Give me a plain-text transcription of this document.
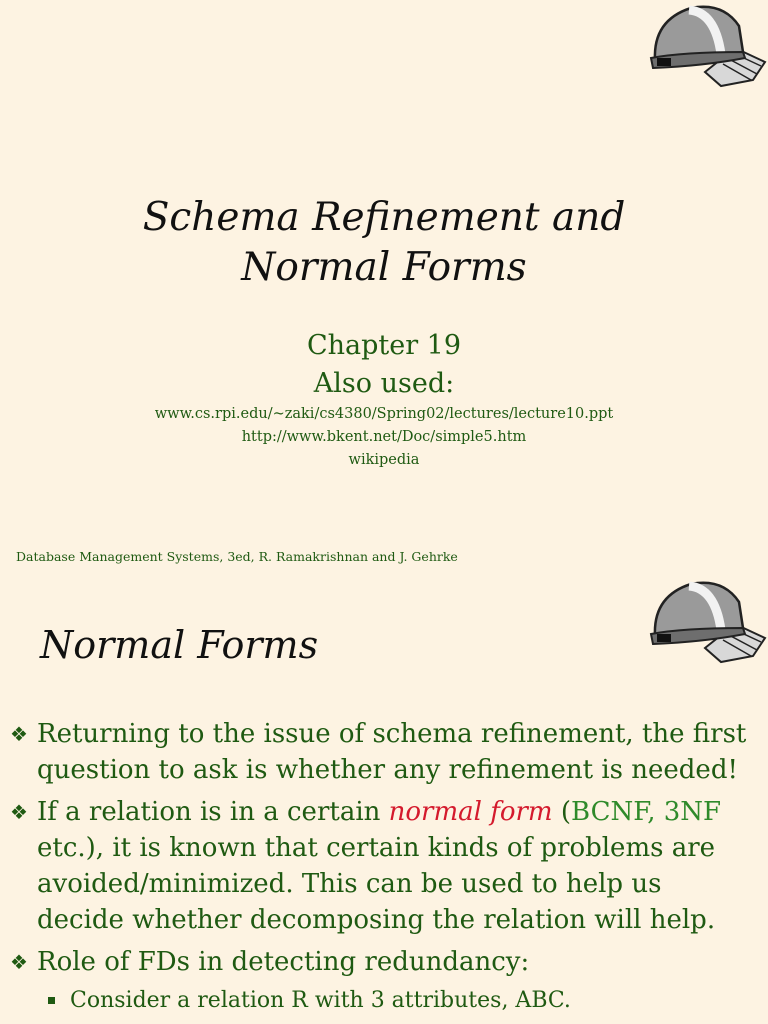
Schema Refinement and
Normal Forms
Chapter 19
Also used:
www.cs.rpi.edu/~zaki/cs4380/Spring02/lectures/lecture10.ppt
http://www.bkent.net/Doc/simple5.htm
wikipedia
Database Management Systems, 3ed, R. Ramakrishnan and J. Gehrke
Normal Forms
❖ Returning to the issue of schema refinement, the first question to ask is whether any refinement is needed!
❖ If a relation is in a certain normal form (BCNF, 3NF etc.), it is known that certain kinds of problems are avoided/minimized. This can be used to help us decide whether decomposing the relation will help.
❖ Role of FDs in detecting redundancy:
Consider a relation R with 3 attributes, ABC.
